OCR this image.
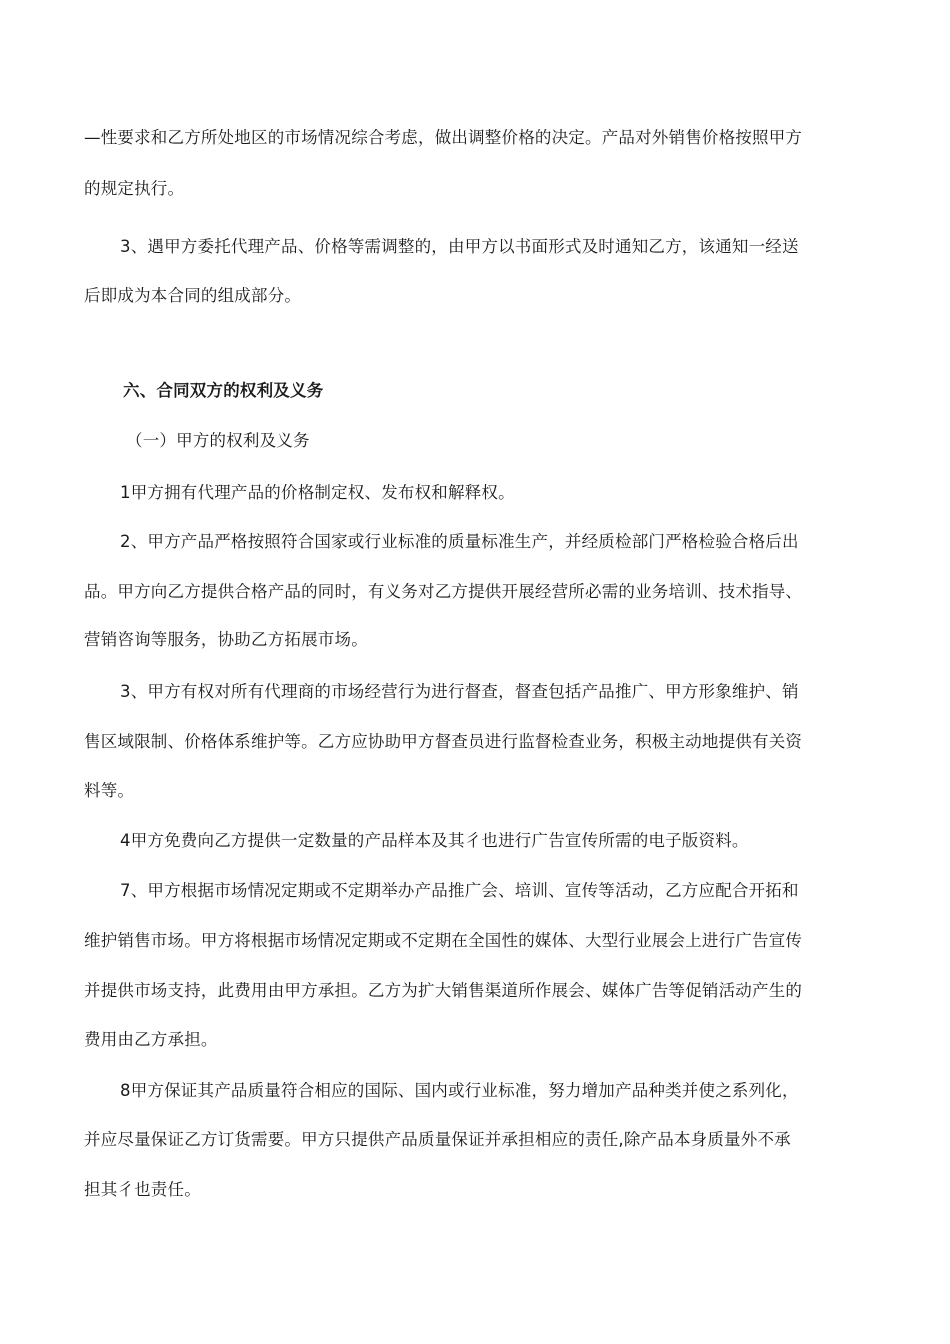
—性要求和乙方所处地区的市场情况综合考虑，做出调整价格的决定。产品对外销售价格按照甲方
的规定执行。
3、遇甲方委托代理产品、价格等需调整的，由甲方以书面形式及时通知乙方，该通知一经送
后即成为本合同的组成部分。
六、合同双方的权利及义务
（一）甲方的权利及义务
1甲方拥有代理产品的价格制定权、发布权和解释权。
2、甲方产品严格按照符合国家或行业标准的质量标准生产，并经质检部门严格检验合格后出
品。甲方向乙方提供合格产品的同时，有义务对乙方提供开展经营所必需的业务培训、技术指导、
营销咨询等服务，协助乙方拓展市场。
3、甲方有权对所有代理商的市场经营行为进行督查，督查包括产品推广、甲方形象维护、销
售区域限制、价格体系维护等。乙方应协助甲方督查员进行监督检查业务，积极主动地提供有关资
料等。
4甲方免费向乙方提供一定数量的产品样本及其彳也进行广告宣传所需的电子版资料。
7、甲方根据市场情况定期或不定期举办产品推广会、培训、宣传等活动，乙方应配合开拓和
维护销售市场。甲方将根据市场情况定期或不定期在全国性的媒体、大型行业展会上进行广告宣传
并提供市场支持，此费用由甲方承担。乙方为扩大销售渠道所作展会、媒体广告等促销活动产生的
费用由乙方承担。
8甲方保证其产品质量符合相应的国际、国内或行业标准，努力增加产品种类并使之系列化，
并应尽量保证乙方订货需要。甲方只提供产品质量保证并承担相应的责任,除产品本身质量外不承
担其彳也责任。
